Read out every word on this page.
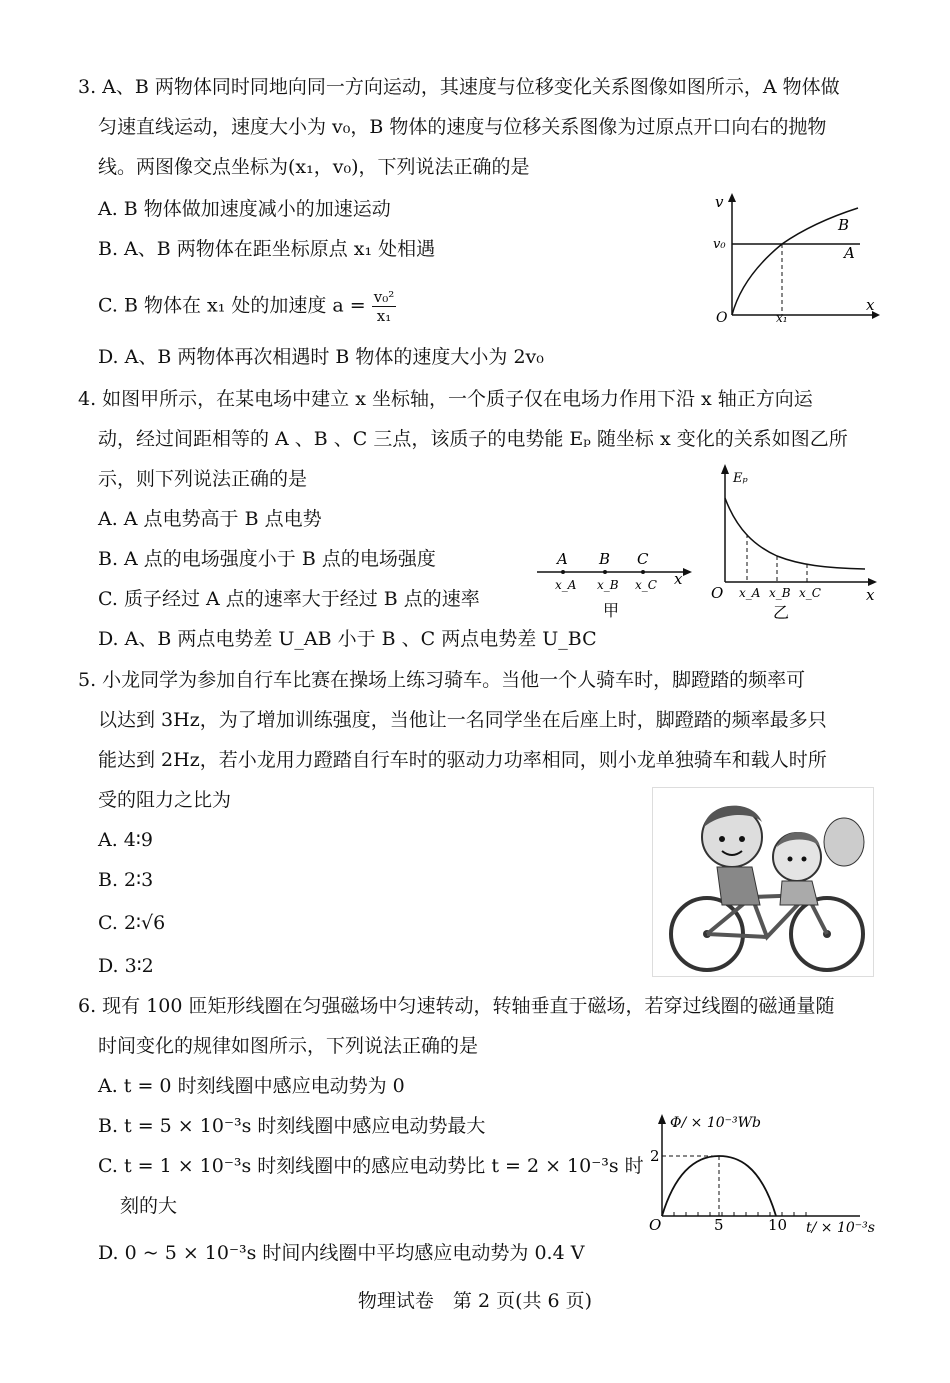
3. A、B 两物体同时同地向同一方向运动，其速度与位移变化关系图像如图所示，A 物体做
匀速直线运动，速度大小为 v₀，B 物体的速度与位移关系图像为过原点开口向右的抛物
线。两图像交点坐标为(x₁，v₀)，下列说法正确的是
A. B 物体做加速度减小的加速运动
B. A、B 两物体在距坐标原点 x₁ 处相遇
C. B 物体在 x₁ 处的加速度 $a = \frac{\text{v₀²}}{\text{x₁}}$
D. A、B 两物体再次相遇时 B 物体的速度大小为 2v₀
v
x
O
v₀
x₁
B
A
4. 如图甲所示，在某电场中建立 x 坐标轴，一个质子仅在电场力作用下沿 x 轴正方向运
动，经过间距相等的 A 、B 、C 三点，该质子的电势能 Eₚ 随坐标 x 变化的关系如图乙所
示，则下列说法正确的是
A. A 点电势高于 B 点电势
B. A 点的电场强度小于 B 点的电场强度
C. 质子经过 A 点的速率大于经过 B 点的速率
D. A、B 两点电势差 U_AB 小于 B 、C 两点电势差 U_BC
A B C
x_A x_B x_C x
甲
Eₚ
x
O x_A x_B x_C
乙
5. 小龙同学为参加自行车比赛在操场上练习骑车。当他一个人骑车时，脚蹬踏的频率可
以达到 3Hz，为了增加训练强度，当他让一名同学坐在后座上时，脚蹬踏的频率最多只
能达到 2Hz，若小龙用力蹬踏自行车时的驱动力功率相同，则小龙单独骑车和载人时所
受的阻力之比为
A. 4∶9
B. 2∶3
C. 2∶√6
D. 3∶2
6. 现有 100 匝矩形线圈在匀强磁场中匀速转动，转轴垂直于磁场，若穿过线圈的磁通量随
时间变化的规律如图所示，下列说法正确的是
A. t = 0 时刻线圈中感应电动势为 0
B. t = 5 × 10⁻³s 时刻线圈中感应电动势最大
C. t = 1 × 10⁻³s 时刻线圈中的感应电动势比 t = 2 × 10⁻³s 时
刻的大
D. 0 ~ 5 × 10⁻³s 时间内线圈中平均感应电动势为 0.4 V
Φ/ × 10⁻³Wb
2
O	5	10 t/ × 10⁻³s
物理试卷　第 2 页(共 6 页)
